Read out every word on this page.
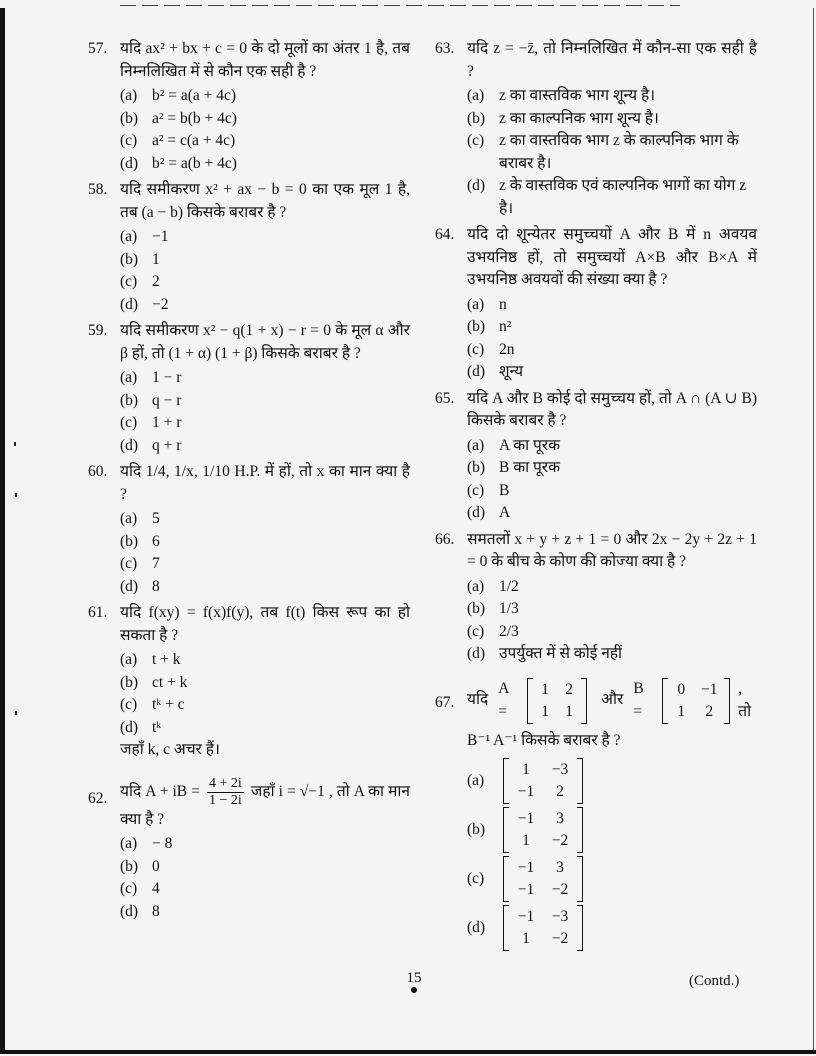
57. यदि ax² + bx + c = 0 के दो मूलों का अंतर 1 है, तब निम्नलिखित में से कौन एक सही है ?
(a) b² = a(a + 4c)
(b) a² = b(b + 4c)
(c) a² = c(a + 4c)
(d) b² = a(b + 4c)
58. यदि समीकरण x² + ax − b = 0 का एक मूल 1 है, तब (a − b) किसके बराबर है ?
(a) −1
(b) 1
(c) 2
(d) −2
59. यदि समीकरण x² − q(1 + x) − r = 0 के मूल α और β हों, तो (1 + α) (1 + β) किसके बराबर है ?
(a) 1 − r
(b) q − r
(c) 1 + r
(d) q + r
60. यदि 1/4, 1/x, 1/10 H.P. में हों, तो x का मान क्या है ?
(a) 5
(b) 6
(c) 7
(d) 8
61. यदि f(xy) = f(x)f(y), तब f(t) किस रूप का हो सकता है ?
(a) t + k
(b) ct + k
(c) tᵏ + c
(d) tᵏ
जहाँ k, c अचर हैं।
62. यदि A + iB = $\frac{4 + 2i}{1 - 2i}$ जहाँ i = √−1 , तो A का मान क्या है ?
(a) − 8
(b) 0
(c) 4
(d) 8
63. यदि z = −z̄, तो निम्नलिखित में कौन-सा एक सही है ?
(a) z का वास्तविक भाग शून्य है।
(b) z का काल्पनिक भाग शून्य है।
(c) z का वास्तविक भाग z के काल्पनिक भाग के बराबर है।
(d) z के वास्तविक एवं काल्पनिक भागों का योग z है।
64. यदि दो शून्येतर समुच्चयों A और B में n अवयव उभयनिष्ठ हों, तो समुच्चयों A×B और B×A में उभयनिष्ठ अवयवों की संख्या क्या है ?
(a) n
(b) n²
(c) 2n
(d) शून्य
65. यदि A और B कोई दो समुच्चय हों, तो A ∩ (A ∪ B) किसके बराबर है ?
(a) A का पूरक
(b) B का पूरक
(c) B
(d) A
66. समतलों x + y + z + 1 = 0 और 2x − 2y + 2z + 1 = 0 के बीच के कोण की कोज्या क्या है ?
(a) 1/2
(b) 1/3
(c) 2/3
(d) उपर्युक्त में से कोई नहीं
67. यदि
A =
1	2
1	1
और
B =
0	−1
1	2
, तो
B⁻¹ A⁻¹ किसके बराबर है ?
(a)
1	−3
−1	2
(b)
−1	3
1	−2
(c)
−1	3
−1	−2
(d)
−1	−3
1	−2
15	(Contd.)
